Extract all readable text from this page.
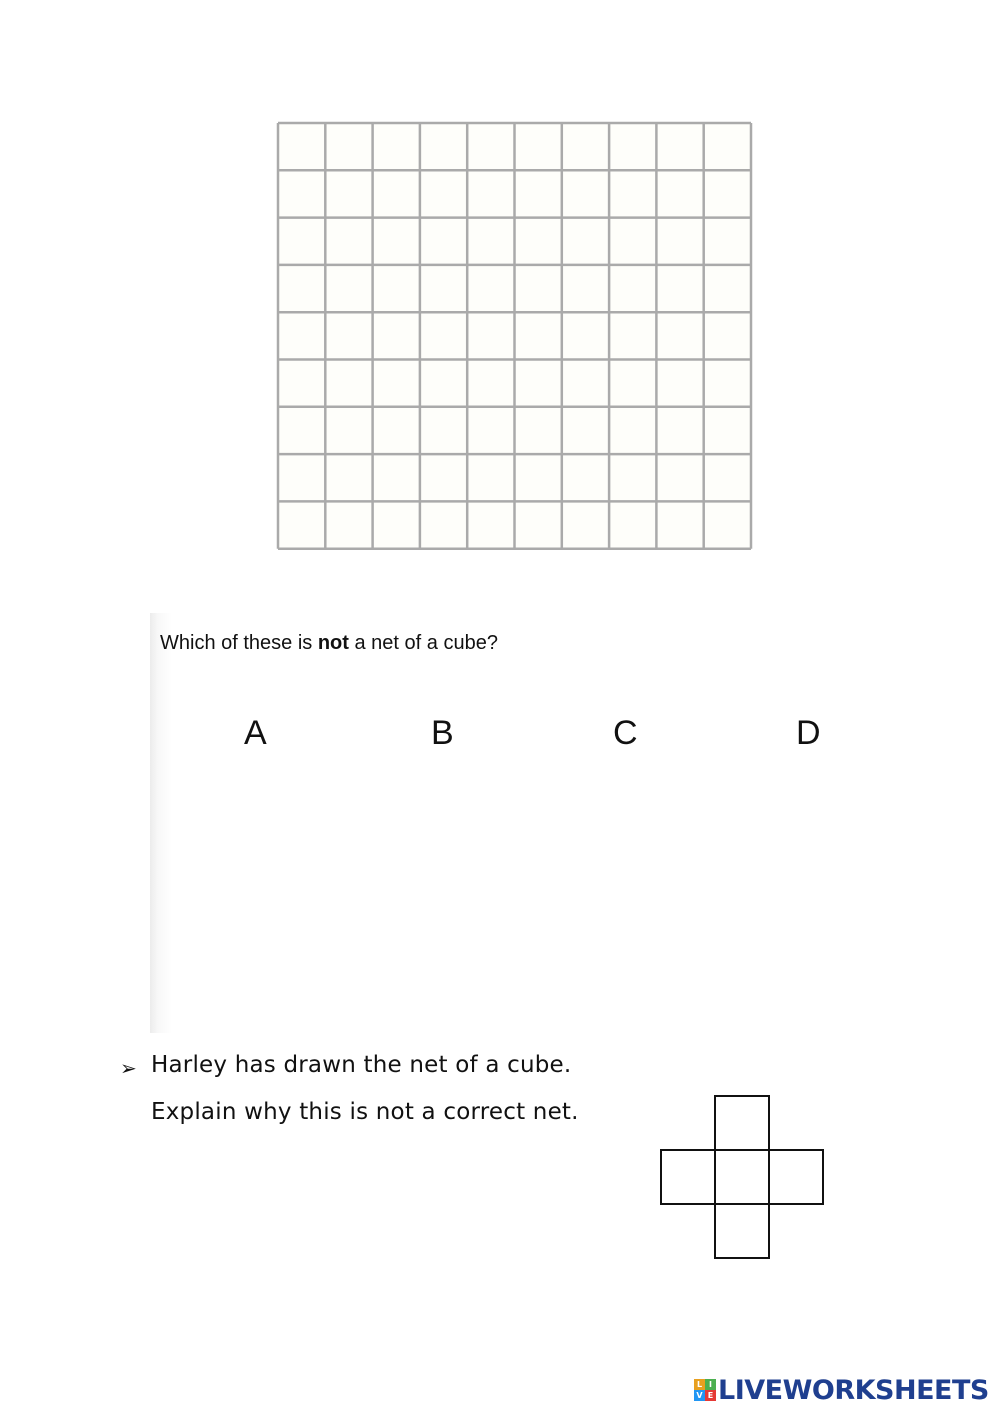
Which of these is not a net of a cube?
A	B	C	D
➢ Harley has drawn the net of a cube.
Explain why this is not a correct net.
L I
V E LIVEWORKSHEETS
